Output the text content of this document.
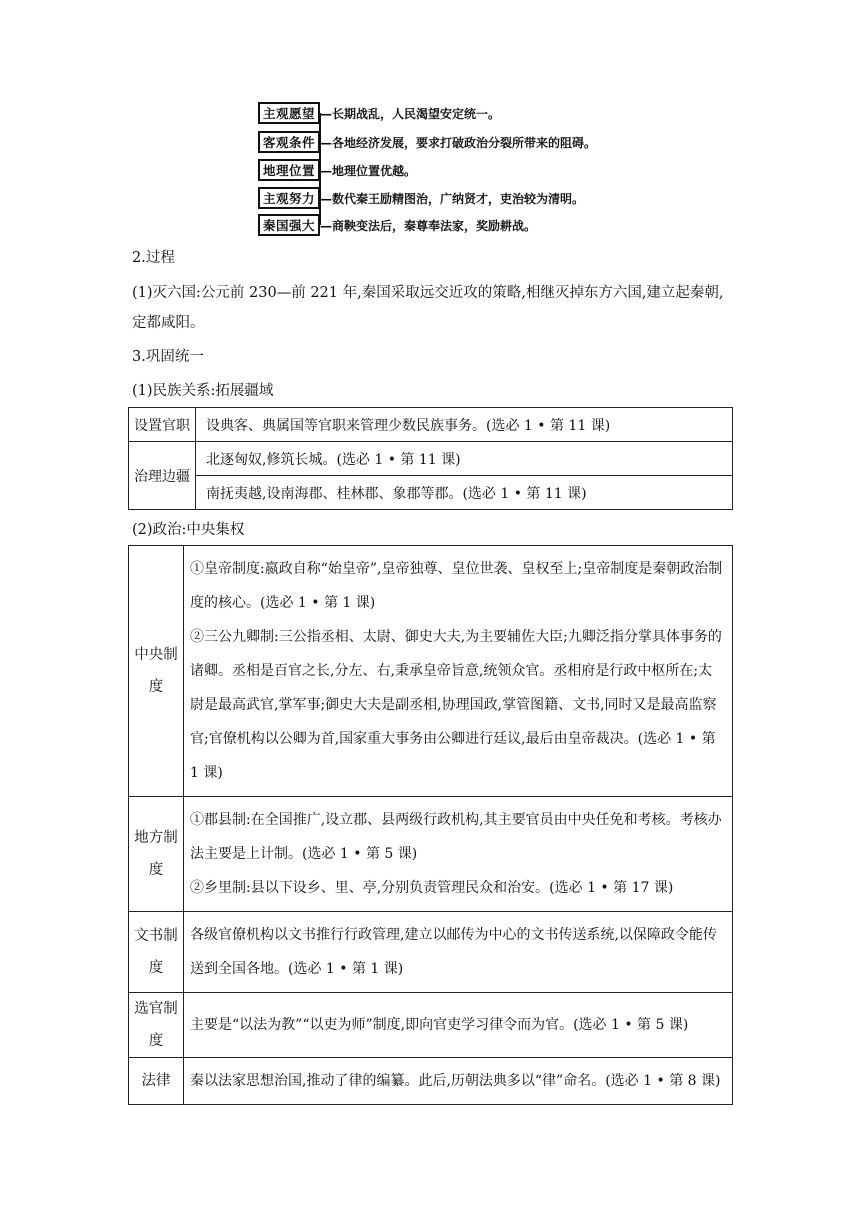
主观愿望 —长期战乱，人民渴望安定统一。
客观条件 —各地经济发展，要求打破政治分裂所带来的阻碍。
地理位置 —地理位置优越。
主观努力 —数代秦王励精图治，广纳贤才，吏治较为清明。
秦国强大 —商鞅变法后，秦尊奉法家，奖励耕战。
2.过程
(1)灭六国:公元前 230—前 221 年,秦国采取远交近攻的策略,相继灭掉东方六国,建立起秦朝,定都咸阳。
3.巩固统一
(1)民族关系:拓展疆域
设置官职	设典客、典属国等官职来管理少数民族事务。(选必 1 • 第 11 课)
治理边疆	北逐匈奴,修筑长城。(选必 1 • 第 11 课)
	南抚夷越,设南海郡、桂林郡、象郡等郡。(选必 1 • 第 11 课)
(2)政治:中央集权
中央制度	①皇帝制度:嬴政自称“始皇帝”,皇帝独尊、皇位世袭、皇权至上;皇帝制度是秦朝政治制度的核心。(选必 1 • 第 1 课)
②三公九卿制:三公指丞相、太尉、御史大夫,为主要辅佐大臣;九卿泛指分掌具体事务的诸卿。丞相是百官之长,分左、右,秉承皇帝旨意,统领众官。丞相府是行政中枢所在;太尉是最高武官,掌军事;御史大夫是副丞相,协理国政,掌管图籍、文书,同时又是最高监察官;官僚机构以公卿为首,国家重大事务由公卿进行廷议,最后由皇帝裁决。(选必 1 • 第 1 课)

地方制度	①郡县制:在全国推广,设立郡、县两级行政机构,其主要官员由中央任免和考核。考核办法主要是上计制。(选必 1 • 第 5 课)
②乡里制:县以下设乡、里、亭,分别负责管理民众和治安。(选必 1 • 第 17 课)

文书制度	各级官僚机构以文书推行行政管理,建立以邮传为中心的文书传送系统,以保障政令能传送到全国各地。(选必 1 • 第 1 课)

选官制度	主要是“以法为教”“以吏为师”制度,即向官吏学习律令而为官。(选必 1 • 第 5 课)

法律	秦以法家思想治国,推动了律的编纂。此后,历朝法典多以“律”命名。(选必 1 • 第 8 课)
